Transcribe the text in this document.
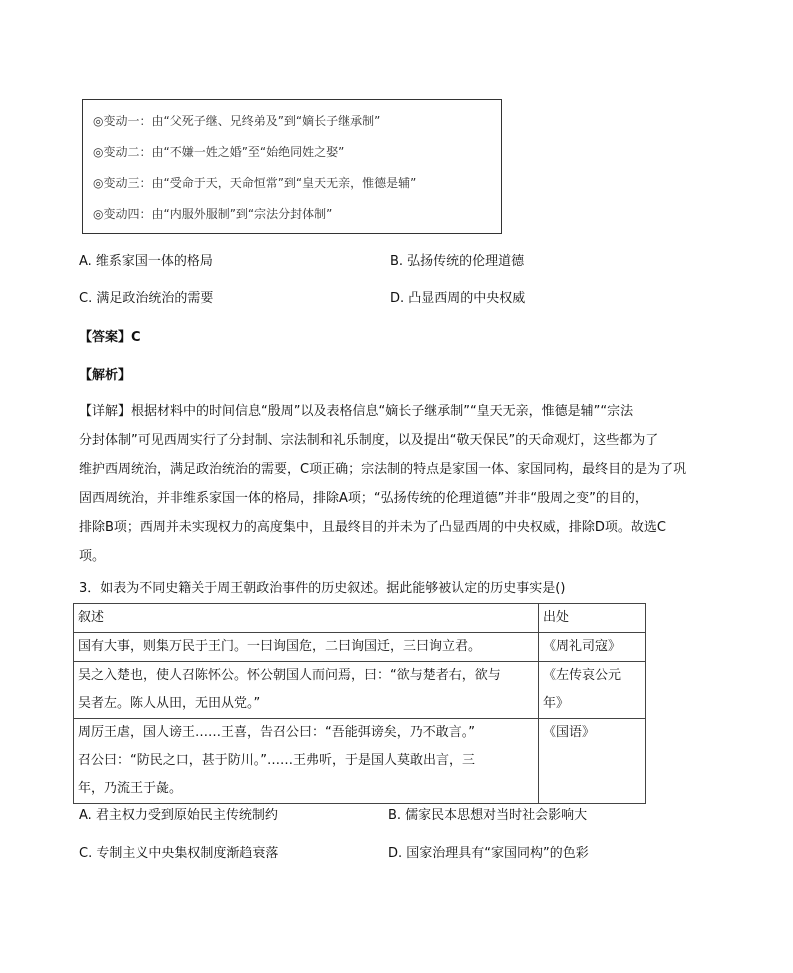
◎变动一：由“父死子继、兄终弟及”到“嫡长子继承制”
◎变动二：由“不嫌一姓之婚”至“始绝同姓之娶”
◎变动三：由“受命于天，天命恒常”到“皇天无亲，惟德是辅”
◎变动四：由“内服外服制”到“宗法分封体制”
A. 维系家国一体的格局	B. 弘扬传统的伦理道德
C. 满足政治统治的需要	D. 凸显西周的中央权威
【答案】C
【解析】

【详解】根据材料中的时间信息“殷周”以及表格信息“嫡长子继承制”“皇天无亲，惟德是辅”“宗法

分封体制”可见西周实行了分封制、宗法制和礼乐制度，以及提出“敬天保民”的天命观灯，这些都为了

维护西周统治，满足政治统治的需要，C项正确；宗法制的特点是家国一体、家国同构，最终目的是为了巩

固西周统治，并非维系家国一体的格局，排除A项；“弘扬传统的伦理道德”并非“殷周之变”的目的，

排除B项；西周并未实现权力的高度集中，且最终目的并未为了凸显西周的中央权威，排除D项。故选C

项。

3．如表为不同史籍关于周王朝政治事件的历史叙述。据此能够被认定的历史事实是()
叙述	出处

国有大事，则集万民于王门。一曰询国危，二曰询国迁，三曰询立君。	《周礼司寇》

吴之入楚也，使人召陈怀公。怀公朝国人而问焉，曰：“欲与楚者右，欲与
吴者左。陈人从田，无田从党。”	《左传哀公元
年》

周厉王虐，国人谤王……王喜，告召公曰：“吾能弭谤矣，乃不敢言。”
召公曰：“防民之口，甚于防川。”……王弗听，于是国人莫敢出言，三
年，乃流王于彘。	《国语》
A. 君主权力受到原始民主传统制约	B. 儒家民本思想对当时社会影响大
C. 专制主义中央集权制度渐趋衰落	D. 国家治理具有“家国同构”的色彩
